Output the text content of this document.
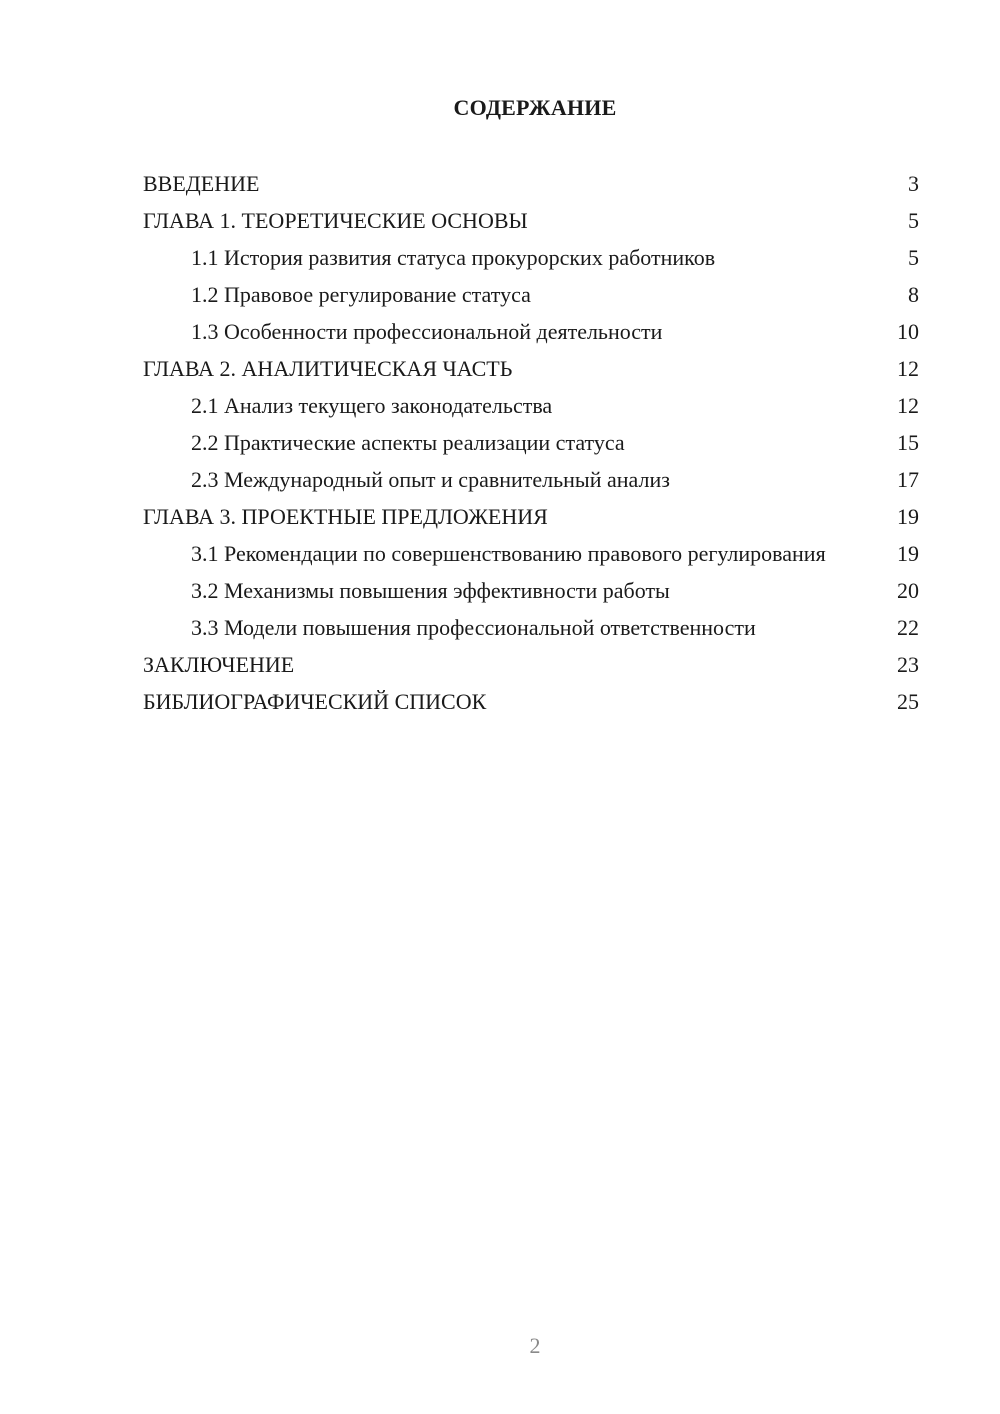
СОДЕРЖАНИЕ
ВВЕДЕНИЕ	3
ГЛАВА 1. ТЕОРЕТИЧЕСКИЕ ОСНОВЫ	5
1.1 История развития статуса прокурорских работников	5
1.2 Правовое регулирование статуса	8
1.3 Особенности профессиональной деятельности	10
ГЛАВА 2. АНАЛИТИЧЕСКАЯ ЧАСТЬ	12
2.1 Анализ текущего законодательства	12
2.2 Практические аспекты реализации статуса	15
2.3 Международный опыт и сравнительный анализ	17
ГЛАВА 3. ПРОЕКТНЫЕ ПРЕДЛОЖЕНИЯ	19
3.1 Рекомендации по совершенствованию правового регулирования	19
3.2 Механизмы повышения эффективности работы	20
3.3 Модели повышения профессиональной ответственности	22
ЗАКЛЮЧЕНИЕ	23
БИБЛИОГРАФИЧЕСКИЙ СПИСОК	25
2
